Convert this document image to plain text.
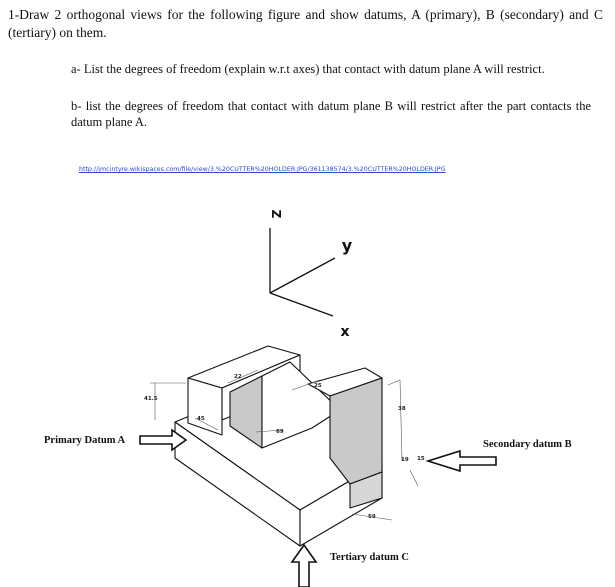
1-Draw 2 orthogonal views for the following figure and show datums, A (primary), B (secondary) and C (tertiary) on them.
a- List the degrees of freedom (explain w.r.t axes) that contact with datum plane A will restrict.
b- list the degrees of freedom that contact with datum plane B will restrict after the part contacts the datum plane A.
http://jmcintyre.wikispaces.com/file/view/3.%20CUTTER%20HOLDER.JPG/361138574/3.%20CUTTER%20HOLDER.JPG
Z
y
x
41.5
45
22
25
69
38
15
19
59
Primary Datum A	Secondary datum B
Tertiary datum C
